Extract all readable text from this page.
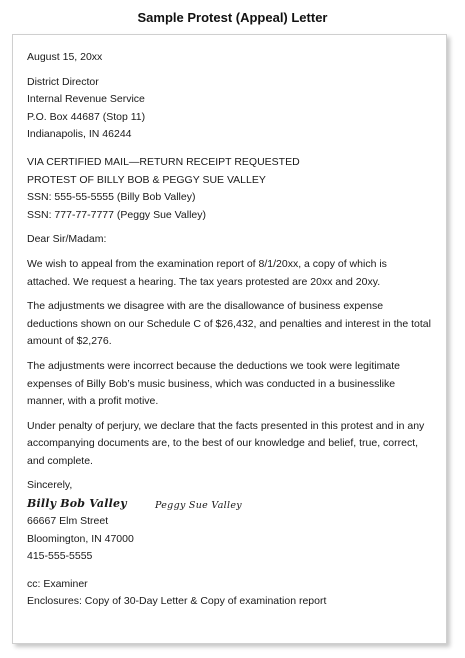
Sample Protest (Appeal) Letter

August 15, 20xx

District Director

Internal Revenue Service

P.O. Box 44687 (Stop 11)

Indianapolis, IN 46244

VIA CERTIFIED MAIL—RETURN RECEIPT REQUESTED

PROTEST OF BILLY BOB & PEGGY SUE VALLEY

SSN: 555-55-5555 (Billy Bob Valley)

SSN: 777-77-7777 (Peggy Sue Valley)

Dear Sir/Madam:

We wish to appeal from the examination report of 8/1/20xx, a copy of which is attached. We request a hearing. The tax years protested are 20xx and 20xy.

The adjustments we disagree with are the disallowance of business expense deductions shown on our Schedule C of $26,432, and penalties and interest in the total amount of $2,276.

The adjustments were incorrect because the deductions we took were legitimate expenses of Billy Bob’s music business, which was conducted in a businesslike manner, with a profit motive.

Under penalty of perjury, we declare that the facts presented in this protest and in any accompanying documents are, to the best of our knowledge and belief, true, correct, and complete.

Sincerely,

Billy Bob Valley	Peggy Sue Valley

66667 Elm Street

Bloomington, IN 47000

415-555-5555

cc: Examiner

Enclosures: Copy of 30-Day Letter & Copy of examination report
